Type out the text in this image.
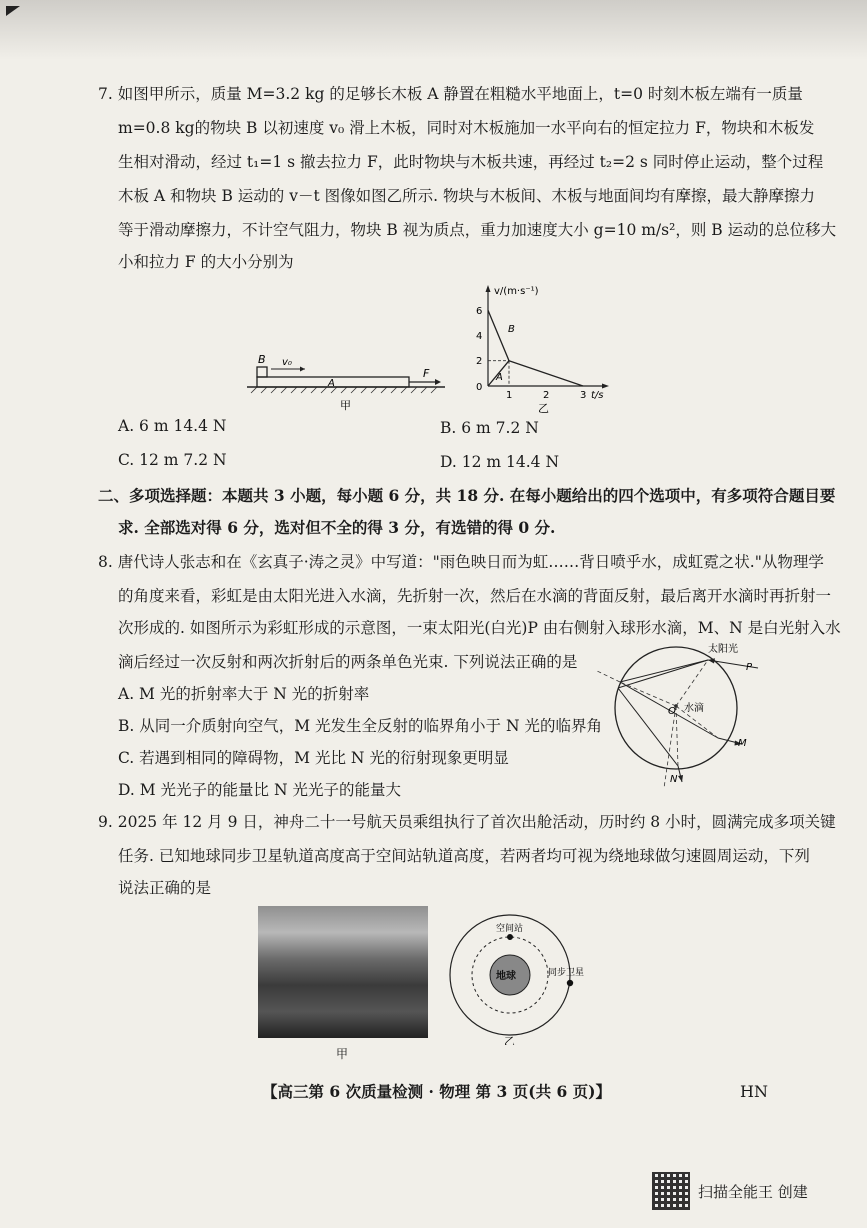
7. 如图甲所示，质量 M=3.2 kg 的足够长木板 A 静置在粗糙水平地面上，t=0 时刻木板左端有一质量
m=0.8 kg的物块 B 以初速度 v₀ 滑上木板，同时对木板施加一水平向右的恒定拉力 F，物块和木板发
生相对滑动，经过 t₁=1 s 撤去拉力 F，此时物块与木板共速，再经过 t₂=2 s 同时停止运动，整个过程
木板 A 和物块 B 运动的 v－t 图像如图乙所示. 物块与木板间、木板与地面间均有摩擦，最大静摩擦力
等于滑动摩擦力，不计空气阻力，物块 B 视为质点，重力加速度大小 g=10 m/s²，则 B 运动的总位移大
小和拉力 F 的大小分别为
B v₀
A
F
甲
v/(m·s⁻¹)
6
4
2
0
1	2	3 t/s
B
A
乙
A. 6 m 14.4 N	B. 6 m 7.2 N
C. 12 m 7.2 N	D. 12 m 14.4 N
二、多项选择题：本题共 3 小题，每小题 6 分，共 18 分. 在每小题给出的四个选项中，有多项符合题目要
求. 全部选对得 6 分，选对但不全的得 3 分，有选错的得 0 分.
8. 唐代诗人张志和在《玄真子·涛之灵》中写道："雨色映日而为虹……背日喷乎水，成虹霓之状."从物理学
的角度来看，彩虹是由太阳光进入水滴，先折射一次，然后在水滴的背面反射，最后离开水滴时再折射一
次形成的. 如图所示为彩虹形成的示意图，一束太阳光(白光)P 由右侧射入球形水滴，M、N 是白光射入水
滴后经过一次反射和两次折射后的两条单色光束. 下列说法正确的是
A. M 光的折射率大于 N 光的折射率
B. 从同一介质射向空气，M 光发生全反射的临界角小于 N 光的临界角
C. 若遇到相同的障碍物，M 光比 N 光的衍射现象更明显
D. M 光光子的能量比 N 光光子的能量大
太阳光
P
O 水滴
M
N
9. 2025 年 12 月 9 日，神舟二十一号航天员乘组执行了首次出舱活动，历时约 8 小时，圆满完成多项关键
任务. 已知地球同步卫星轨道高度高于空间站轨道高度，若两者均可视为绕地球做匀速圆周运动，下列
说法正确的是
甲
地球
空间站
同步卫星
乙
【高三第 6 次质量检测 · 物理 第 3 页(共 6 页)】	HN
扫描全能王 创建
